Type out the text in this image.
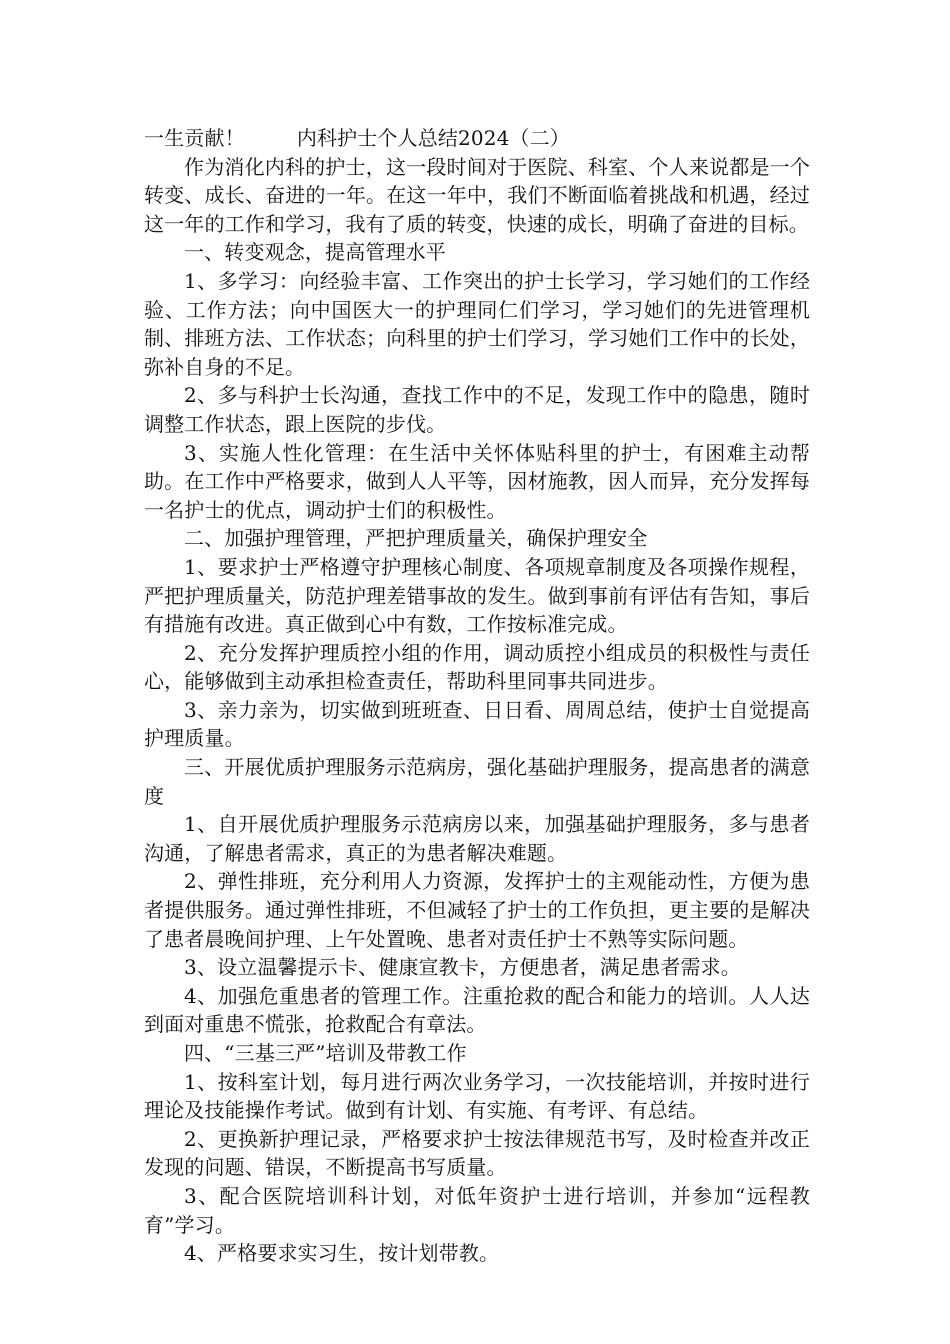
一生贡献！	内科护士个人总结2024（二）

作为消化内科的护士，这一段时间对于医院、科室、个人来说都是一个转变、成长、奋进的一年。在这一年中，我们不断面临着挑战和机遇，经过这一年的工作和学习，我有了质的转变，快速的成长，明确了奋进的目标。

一、转变观念，提高管理水平

1、多学习：向经验丰富、工作突出的护士长学习，学习她们的工作经验、工作方法；向中国医大一的护理同仁们学习，学习她们的先进管理机制、排班方法、工作状态；向科里的护士们学习，学习她们工作中的长处，弥补自身的不足。

2、多与科护士长沟通，查找工作中的不足，发现工作中的隐患，随时调整工作状态，跟上医院的步伐。

3、实施人性化管理：在生活中关怀体贴科里的护士，有困难主动帮助。在工作中严格要求，做到人人平等，因材施教，因人而异，充分发挥每一名护士的优点，调动护士们的积极性。

二、加强护理管理，严把护理质量关，确保护理安全

1、要求护士严格遵守护理核心制度、各项规章制度及各项操作规程，严把护理质量关，防范护理差错事故的发生。做到事前有评估有告知，事后有措施有改进。真正做到心中有数，工作按标准完成。

2、充分发挥护理质控小组的作用，调动质控小组成员的积极性与责任心，能够做到主动承担检查责任，帮助科里同事共同进步。

3、亲力亲为，切实做到班班查、日日看、周周总结，使护士自觉提高护理质量。

三、开展优质护理服务示范病房，强化基础护理服务，提高患者的满意度

1、自开展优质护理服务示范病房以来，加强基础护理服务，多与患者沟通，了解患者需求，真正的为患者解决难题。

2、弹性排班，充分利用人力资源，发挥护士的主观能动性，方便为患者提供服务。通过弹性排班，不但减轻了护士的工作负担，更主要的是解决了患者晨晚间护理、上午处置晚、患者对责任护士不熟等实际问题。

3、设立温馨提示卡、健康宣教卡，方便患者，满足患者需求。

4、加强危重患者的管理工作。注重抢救的配合和能力的培训。人人达到面对重患不慌张，抢救配合有章法。

四、“三基三严”培训及带教工作

1、按科室计划，每月进行两次业务学习，一次技能培训，并按时进行理论及技能操作考试。做到有计划、有实施、有考评、有总结。

2、更换新护理记录，严格要求护士按法律规范书写，及时检查并改正发现的问题、错误，不断提高书写质量。

3、配合医院培训科计划，对低年资护士进行培训，并参加“远程教育”学习。

4、严格要求实习生，按计划带教。
